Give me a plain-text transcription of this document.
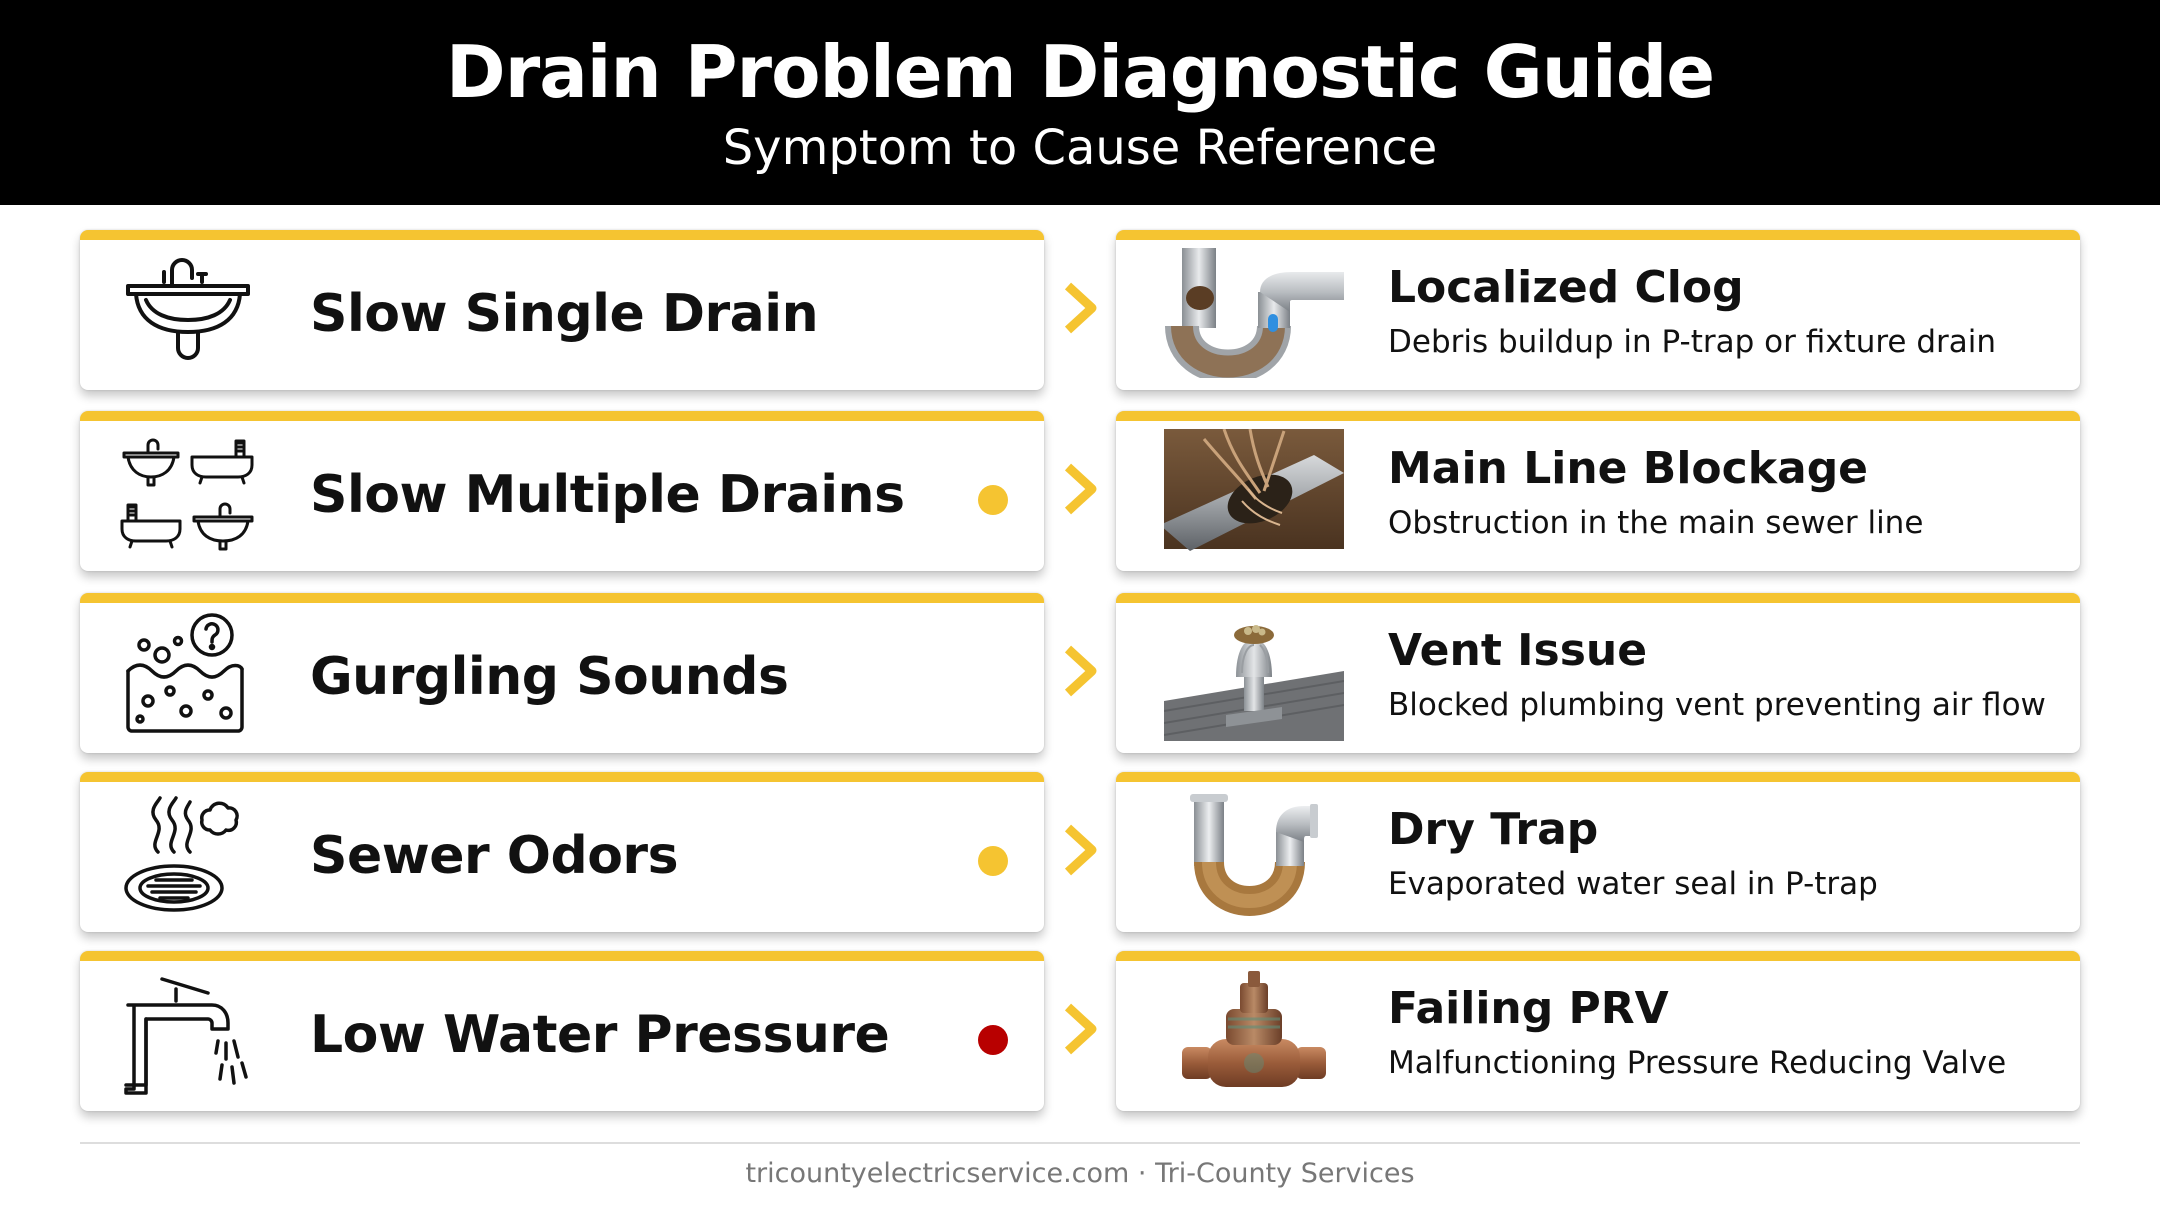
Drain Problem Diagnostic Guide
Symptom to Cause Reference
Slow Single Drain	Localized Clog
Debris buildup in P-trap or fixture drain
Slow Multiple Drains	Main Line Blockage
Obstruction in the main sewer line
Gurgling Sounds	Vent Issue
Blocked plumbing vent preventing air flow
Sewer Odors	Dry Trap
Evaporated water seal in P-trap
Low Water Pressure	Failing PRV
Malfunctioning Pressure Reducing Valve
tricountyelectricservice.com · Tri-County Services
